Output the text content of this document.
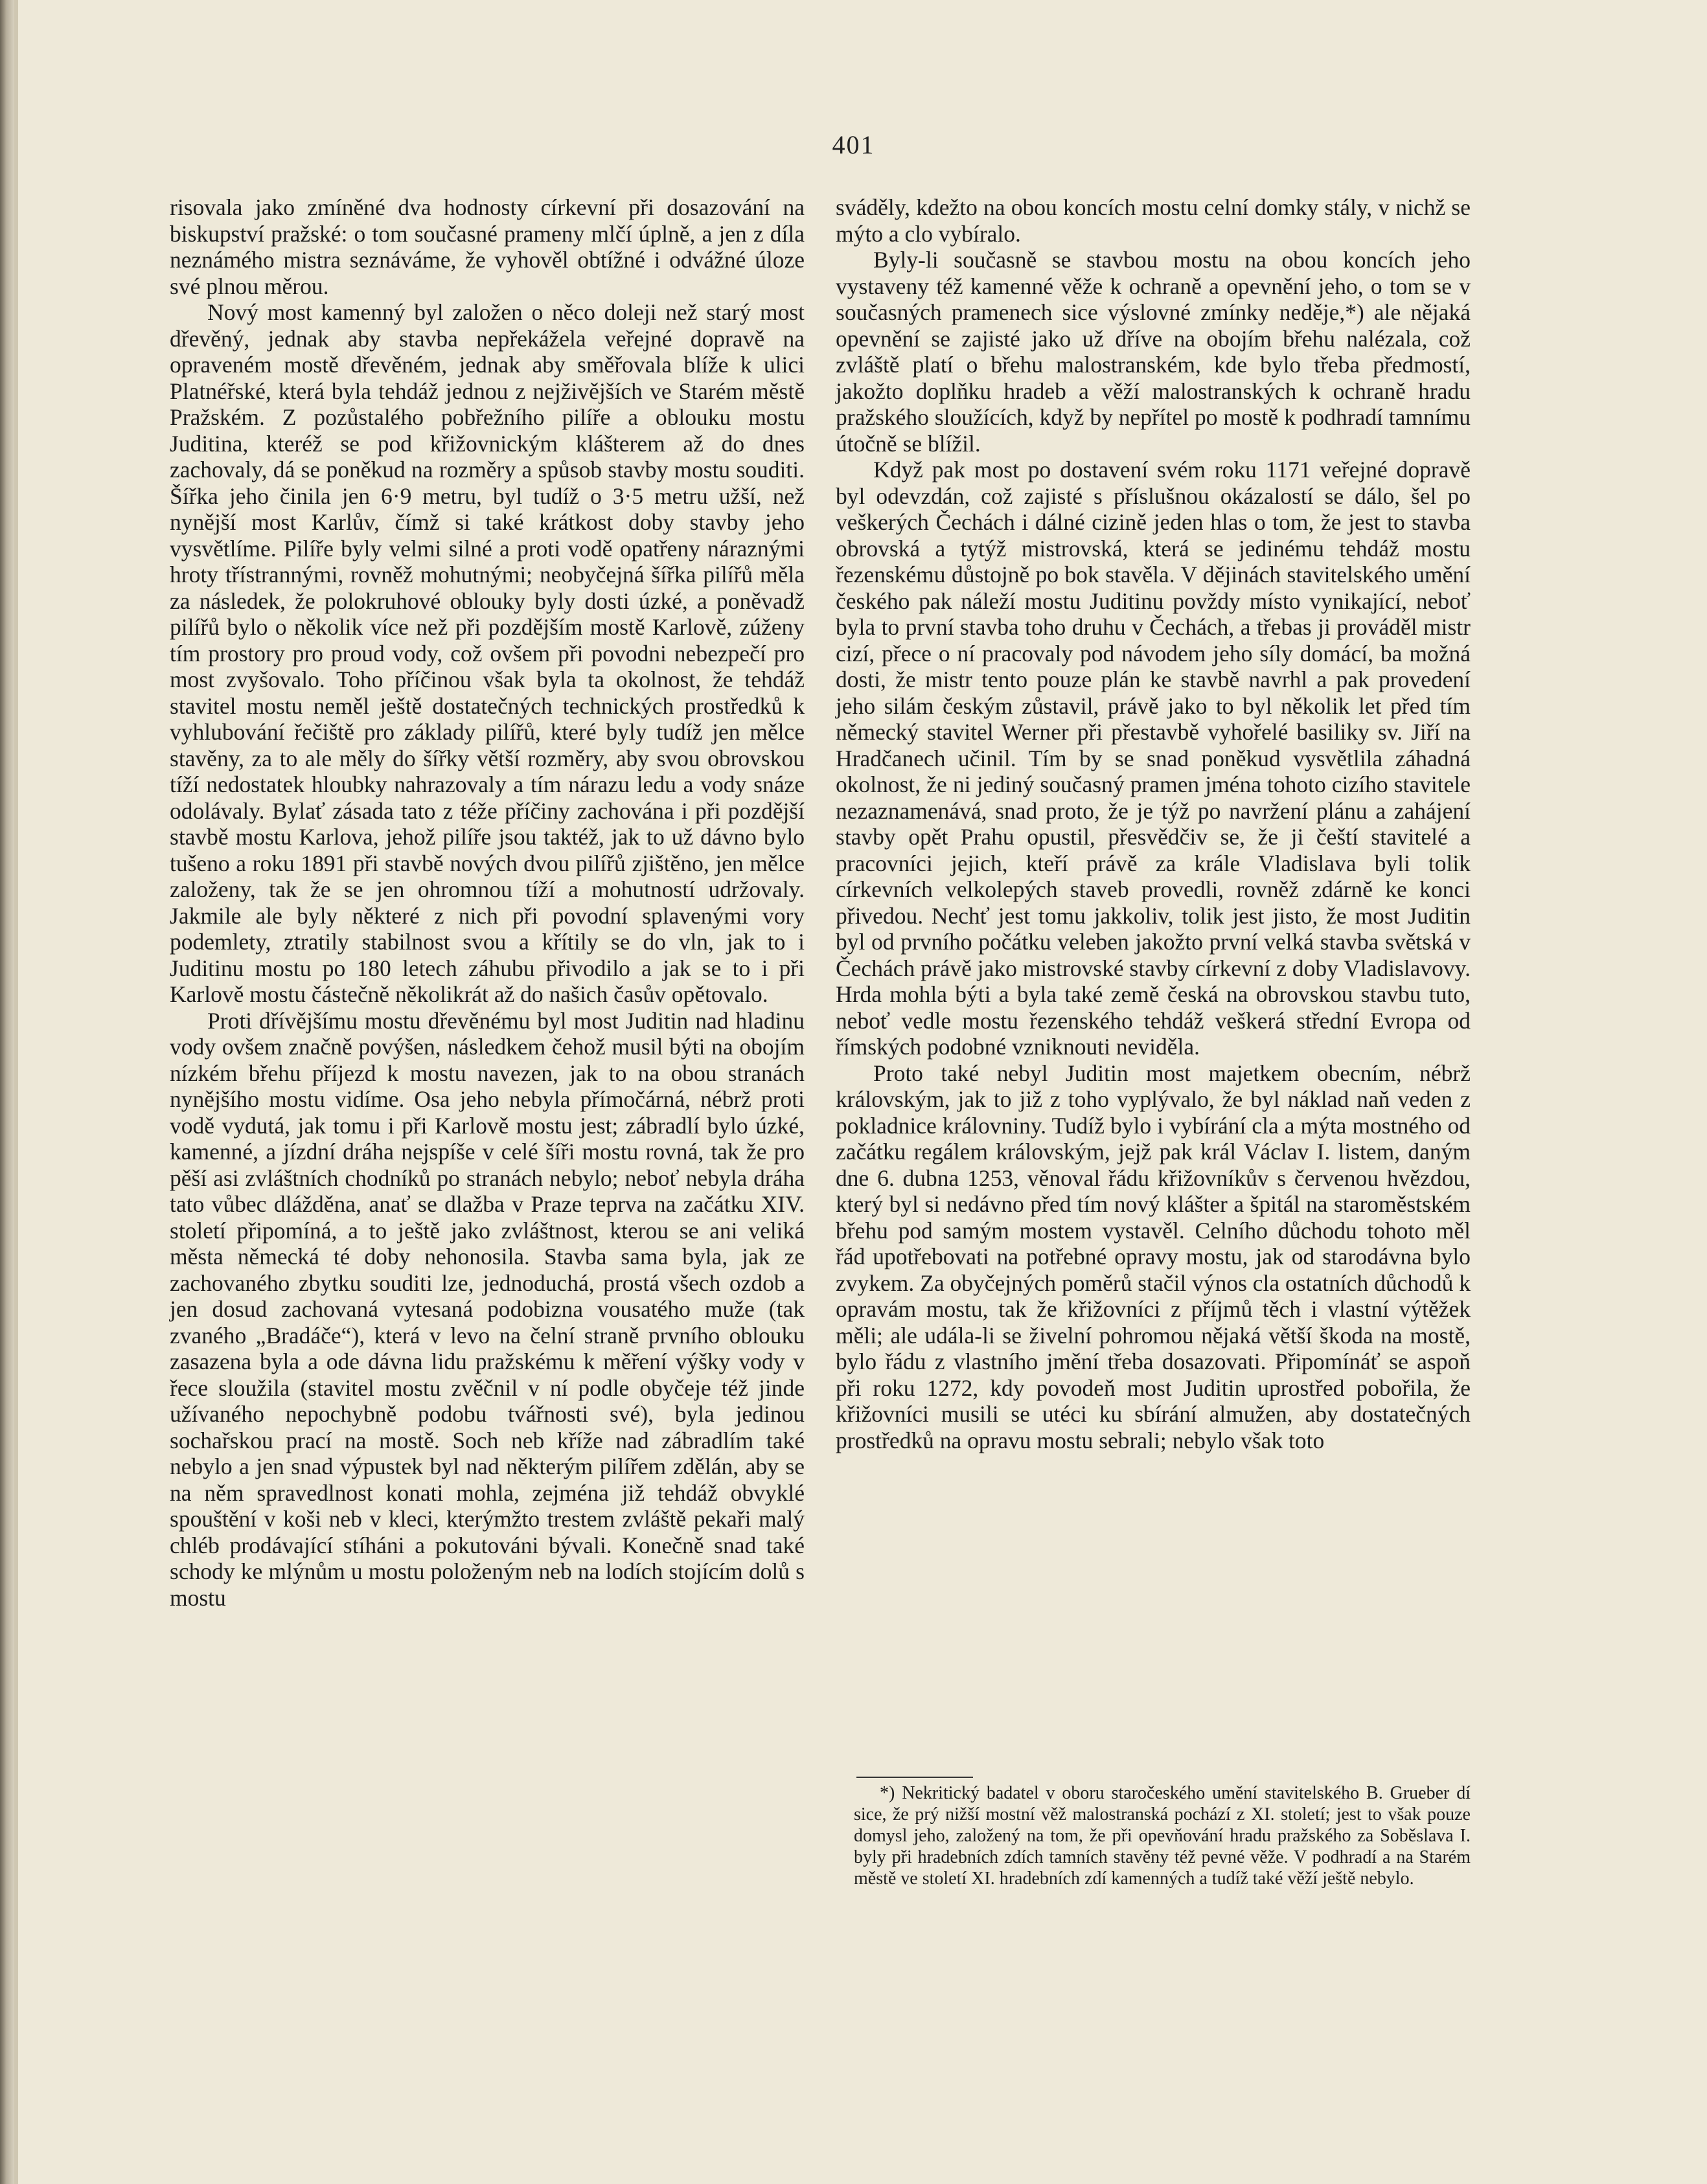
401

risovala jako zmíněné dva hodnosty církevní při dosazování na biskupství pražské: o tom současné prameny mlčí úplně, a jen z díla neznámého mistra seznáváme, že vyhověl obtížné i odvážné úloze své plnou měrou.

Nový most kamenný byl založen o něco doleji než starý most dřevěný, jednak aby stavba nepřekážela veřejné dopravě na opraveném mostě dřevěném, jednak aby směřovala blíže k ulici Platnéřské, která byla tehdáž jednou z nejživějších ve Starém městě Pražském. Z pozůstalého pobřežního pilíře a oblouku mostu Juditina, kteréž se pod křižovnickým klášterem až do dnes zachovaly, dá se poněkud na rozměry a spůsob stavby mostu souditi. Šířka jeho činila jen 6·9 metru, byl tudíž o 3·5 metru užší, než nynější most Karlův, čímž si také krátkost doby stavby jeho vysvětlíme. Pilíře byly velmi silné a proti vodě opatřeny náraznými hroty třístrannými, rovněž mohutnými; neobyčejná šířka pilířů měla za následek, že polokruhové oblouky byly dosti úzké, a poněvadž pilířů bylo o několik více než při pozdějším mostě Karlově, zúženy tím prostory pro proud vody, což ovšem při povodni nebezpečí pro most zvyšovalo. Toho příčinou však byla ta okolnost, že tehdáž stavitel mostu neměl ještě dostatečných technických prostředků k vyhlubování řečiště pro základy pilířů, které byly tudíž jen mělce stavěny, za to ale měly do šířky větší rozměry, aby svou obrovskou tíží nedostatek hloubky nahrazovaly a tím nárazu ledu a vody snáze odolávaly. Bylať zásada tato z téže příčiny zachována i při pozdější stavbě mostu Karlova, jehož pilíře jsou taktéž, jak to už dávno bylo tušeno a roku 1891 při stavbě nových dvou pilířů zjištěno, jen mělce založeny, tak že se jen ohromnou tíží a mohutností udržovaly. Jakmile ale byly některé z nich při povodní splavenými vory podemlety, ztratily stabilnost svou a křítily se do vln, jak to i Juditinu mostu po 180 letech záhubu přivodilo a jak se to i při Karlově mostu částečně několikrát až do našich časův opětovalo.

Proti dřívějšímu mostu dřevěnému byl most Juditin nad hladinu vody ovšem značně povýšen, následkem čehož musil býti na obojím nízkém břehu příjezd k mostu navezen, jak to na obou stranách nynějšího mostu vidíme. Osa jeho nebyla přímočárná, nébrž proti vodě vydutá, jak tomu i při Karlově mostu jest; zábradlí bylo úzké, kamenné, a jízdní dráha nejspíše v celé šíři mostu rovná, tak že pro pěší asi zvláštních chodníků po stranách nebylo; neboť nebyla dráha tato vůbec dlážděna, anať se dlažba v Praze teprva na začátku XIV. století připomíná, a to ještě jako zvláštnost, kterou se ani veliká města německá té doby nehonosila. Stavba sama byla, jak ze zachovaného zbytku souditi lze, jednoduchá, prostá všech ozdob a jen dosud zachovaná vytesaná podobizna vousatého muže (tak zvaného „Bradáče“), která v levo na čelní straně prvního oblouku zasazena byla a ode dávna lidu pražskému k měření výšky vody v řece sloužila (stavitel mostu zvěčnil v ní podle obyčeje též jinde užívaného nepochybně podobu tvářnosti své), byla jedinou sochařskou prací na mostě. Soch neb kříže nad zábradlím také nebylo a jen snad výpustek byl nad některým pilířem zdělán, aby se na něm spravedlnost konati mohla, zejména již tehdáž obvyklé spouštění v koši neb v kleci, kterýmžto trestem zvláště pekaři malý chléb prodávající stíháni a pokutováni bývali. Konečně snad také schody ke mlýnům u mostu položeným neb na lodích stojícím dolů s mostu

sváděly, kdežto na obou koncích mostu celní domky stály, v nichž se mýto a clo vybíralo.

Byly-li současně se stavbou mostu na obou koncích jeho vystaveny též kamenné věže k ochraně a opevnění jeho, o tom se v současných pramenech sice výslovné zmínky neděje,*) ale nějaká opevnění se zajisté jako už dříve na obojím břehu nalézala, což zvláště platí o břehu malostranském, kde bylo třeba předmostí, jakožto doplňku hradeb a věží malostranských k ochraně hradu pražského sloužících, když by nepřítel po mostě k podhradí tamnímu útočně se blížil.

Když pak most po dostavení svém roku 1171 veřejné dopravě byl odevzdán, což zajisté s příslušnou okázalostí se dálo, šel po veškerých Čechách i dálné cizině jeden hlas o tom, že jest to stavba obrovská a tytýž mistrovská, která se jedinému tehdáž mostu řezenskému důstojně po bok stavěla. V dějinách stavitelského umění českého pak náleží mostu Juditinu povždy místo vynikající, neboť byla to první stavba toho druhu v Čechách, a třebas ji prováděl mistr cizí, přece o ní pracovaly pod návodem jeho síly domácí, ba možná dosti, že mistr tento pouze plán ke stavbě navrhl a pak provedení jeho silám českým zůstavil, právě jako to byl několik let před tím německý stavitel Werner při přestavbě vyhořelé basiliky sv. Jiří na Hradčanech učinil. Tím by se snad poněkud vysvětlila záhadná okolnost, že ni jediný současný pramen jména tohoto cizího stavitele nezaznamenává, snad proto, že je týž po navržení plánu a zahájení stavby opět Prahu opustil, přesvědčiv se, že ji čeští stavitelé a pracovníci jejich, kteří právě za krále Vladislava byli tolik církevních velkolepých staveb provedli, rovněž zdárně ke konci přivedou. Nechť jest tomu jakkoliv, tolik jest jisto, že most Juditin byl od prvního počátku veleben jakožto první velká stavba světská v Čechách právě jako mistrovské stavby církevní z doby Vladislavovy. Hrda mohla býti a byla také země česká na obrovskou stavbu tuto, neboť vedle mostu řezenského tehdáž veškerá střední Evropa od římských podobné vzniknouti neviděla.

Proto také nebyl Juditin most majetkem obecním, nébrž královským, jak to již z toho vyplývalo, že byl náklad naň veden z pokladnice královniny. Tudíž bylo i vybírání cla a mýta mostného od začátku regálem královským, jejž pak král Václav I. listem, daným dne 6. dubna 1253, věnoval řádu křižovníkův s červenou hvězdou, který byl si nedávno před tím nový klášter a špitál na staroměstském břehu pod samým mostem vystavěl. Celního důchodu tohoto měl řád upotřebovati na potřebné opravy mostu, jak od starodávna bylo zvykem. Za obyčejných poměrů stačil výnos cla ostatních důchodů k opravám mostu, tak že křižovníci z příjmů těch i vlastní výtěžek měli; ale udála-li se živelní pohromou nějaká větší škoda na mostě, bylo řádu z vlastního jmění třeba dosazovati. Připomínáť se aspoň při roku 1272, kdy povodeň most Juditin uprostřed pobořila, že křižovníci musili se utéci ku sbírání almužen, aby dostatečných prostředků na opravu mostu sebrali; nebylo však toto

*) Nekritický badatel v oboru staročeského umění stavitelského B. Grueber dí sice, že prý nižší mostní věž malostranská pochází z XI. století; jest to však pouze domysl jeho, založený na tom, že při opevňování hradu pražského za Soběslava I. byly při hradebních zdích tamních stavěny též pevné věže. V podhradí a na Starém městě ve století XI. hradebních zdí kamenných a tudíž také věží ještě nebylo.
